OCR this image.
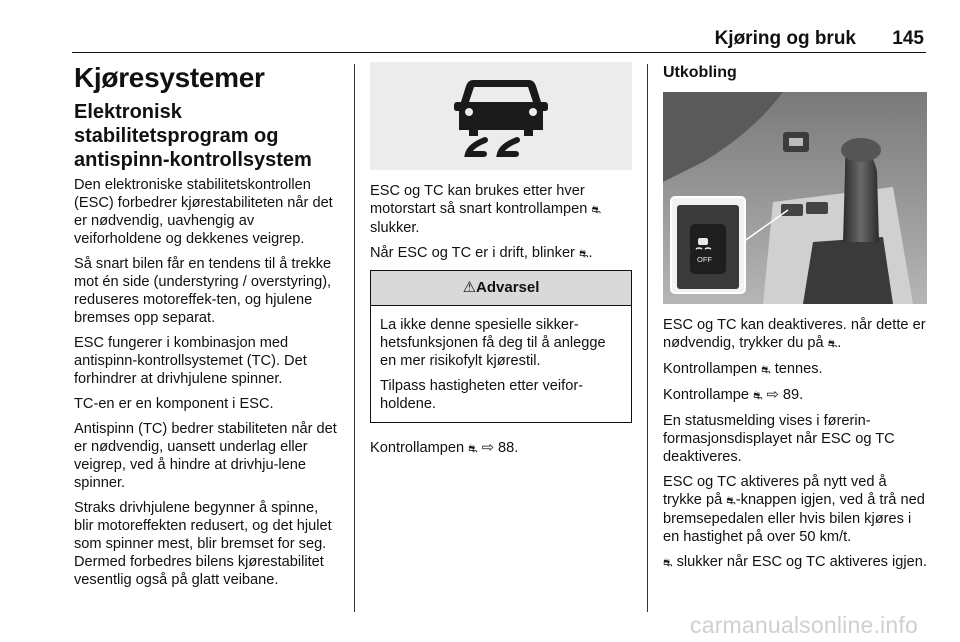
Kjøring og bruk 145
Kjøresystemer
Elektronisk stabilitetsprogram og antispinn-kontrollsystem

Den elektroniske stabilitetskontrollen (ESC) forbedrer kjørestabiliteten når det er nødvendig, uavhengig av veiforholdene og dekkenes veigrep.

Så snart bilen får en tendens til å trekke mot én side (understyring / overstyring), reduseres motoreffek-ten, og hjulene bremses opp separat.

ESC fungerer i kombinasjon med antispinn-kontrollsystemet (TC). Det forhindrer at drivhjulene spinner.

TC-en er en komponent i ESC.

Antispinn (TC) bedrer stabiliteten når det er nødvendig, uansett underlag eller veigrep, ved å hindre at drivhju-lene spinner.

Straks drivhjulene begynner å spinne, blir motoreffekten redusert, og det hjulet som spinner mest, blir bremset for seg. Dermed forbedres bilens kjørestabilitet vesentlig også på glatt veibane.

ESC og TC kan brukes etter hver motorstart så snart kontrollampen ⛐ slukker.

Når ESC og TC er i drift, blinker ⛐.

⚠Advarsel

La ikke denne spesielle sikker-hetsfunksjonen få deg til å anlegge en mer risikofylt kjørestil.

Tilpass hastigheten etter veifor-holdene.

Kontrollampen ⛐ ⇨ 88.

Utkobling
OFF

ESC og TC kan deaktiveres. når dette er nødvendig, trykker du på ⛐.

Kontrollampen ⛐ tennes.

Kontrollampe ⛐ ⇨ 89.

En statusmelding vises i førerin-formasjonsdisplayet når ESC og TC deaktiveres.

ESC og TC aktiveres på nytt ved å trykke på ⛐-knappen igjen, ved å trå ned bremsepedalen eller hvis bilen kjøres i en hastighet på over 50 km/t.

⛐ slukker når ESC og TC aktiveres igjen.

carmanualsonline.info
